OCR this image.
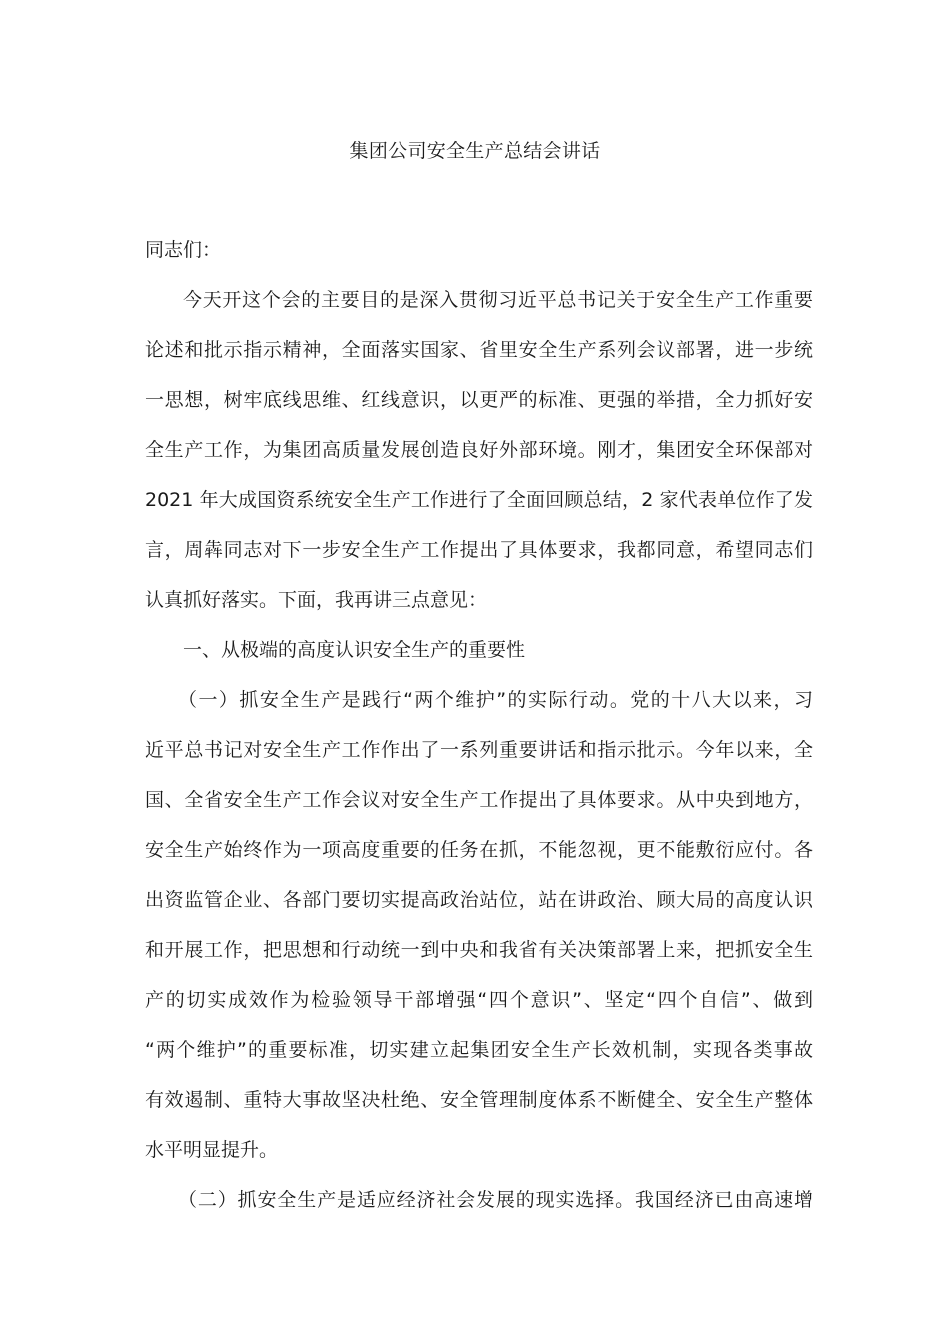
集团公司安全生产总结会讲话
同志们：
今天开这个会的主要目的是深入贯彻习近平总书记关于安全生产工作重要
论述和批示指示精神，全面落实国家、省里安全生产系列会议部署，进一步统
一思想，树牢底线思维、红线意识，以更严的标准、更强的举措，全力抓好安
全生产工作，为集团高质量发展创造良好外部环境。刚才，集团安全环保部对
2021 年大成国资系统安全生产工作进行了全面回顾总结，2 家代表单位作了发
言，周犇同志对下一步安全生产工作提出了具体要求，我都同意，希望同志们
认真抓好落实。下面，我再讲三点意见：
一、从极端的高度认识安全生产的重要性
（一）抓安全生产是践行“两个维护”的实际行动。党的十八大以来，习
近平总书记对安全生产工作作出了一系列重要讲话和指示批示。今年以来，全
国、全省安全生产工作会议对安全生产工作提出了具体要求。从中央到地方，
安全生产始终作为一项高度重要的任务在抓，不能忽视，更不能敷衍应付。各
出资监管企业、各部门要切实提高政治站位，站在讲政治、顾大局的高度认识
和开展工作，把思想和行动统一到中央和我省有关决策部署上来，把抓安全生
产的切实成效作为检验领导干部增强“四个意识”、坚定“四个自信”、做到
“两个维护”的重要标准，切实建立起集团安全生产长效机制，实现各类事故
有效遏制、重特大事故坚决杜绝、安全管理制度体系不断健全、安全生产整体
水平明显提升。
（二）抓安全生产是适应经济社会发展的现实选择。我国经济已由高速增
